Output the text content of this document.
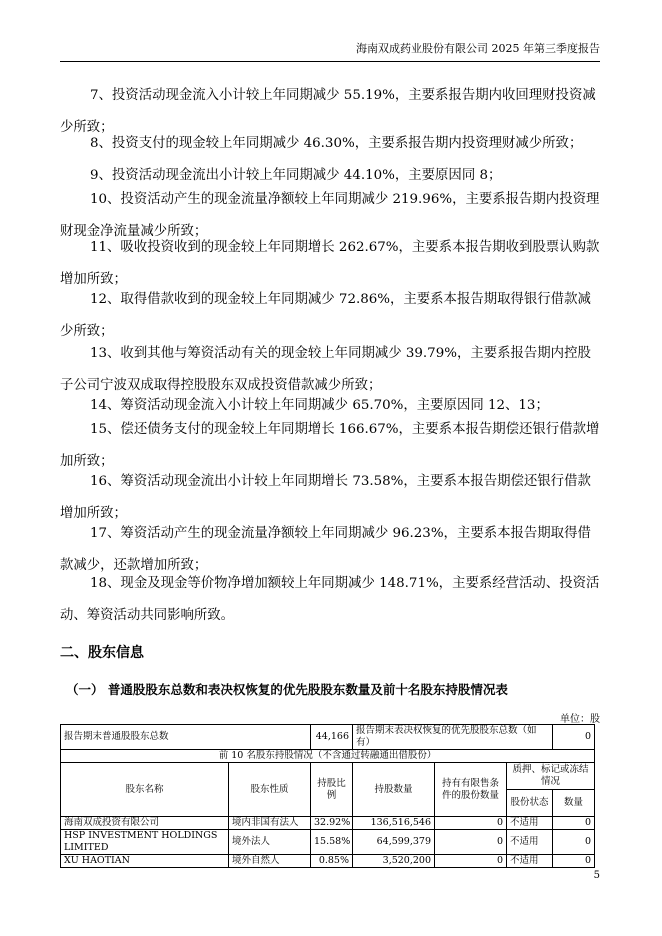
海南双成药业股份有限公司 2025 年第三季度报告

7、投资活动现金流入小计较上年同期减少 55.19%，主要系报告期内收回理财投资减少所致；

8、投资支付的现金较上年同期减少 46.30%，主要系报告期内投资理财减少所致；

9、投资活动现金流出小计较上年同期减少 44.10%，主要原因同 8；

10、投资活动产生的现金流量净额较上年同期减少 219.96%，主要系报告期内投资理财现金净流量减少所致；

11、吸收投资收到的现金较上年同期增长 262.67%，主要系本报告期收到股票认购款增加所致；

12、取得借款收到的现金较上年同期减少 72.86%，主要系本报告期取得银行借款减少所致；

13、收到其他与筹资活动有关的现金较上年同期减少 39.79%，主要系报告期内控股子公司宁波双成取得控股股东双成投资借款减少所致；

14、筹资活动现金流入小计较上年同期减少 65.70%，主要原因同 12、13；

15、偿还债务支付的现金较上年同期增长 166.67%，主要系本报告期偿还银行借款增加所致；

16、筹资活动现金流出小计较上年同期增长 73.58%，主要系本报告期偿还银行借款增加所致；

17、筹资活动产生的现金流量净额较上年同期减少 96.23%，主要系本报告期取得借款减少，还款增加所致；

18、现金及现金等价物净增加额较上年同期减少 148.71%，主要系经营活动、投资活动、筹资活动共同影响所致。

二、股东信息
（一） 普通股股东总数和表决权恢复的优先股股东数量及前十名股东持股情况表
单位：股
报告期末普通股股东总数		44,166	报告期末表决权恢复的优先股股东总数（如有）			0
前 10 名股东持股情况（不含通过转融通出借股份）						
股东名称	股东性质	持股比例	持股数量	持有有限售条件的股份数量	质押、标记或冻结情况	
					股份状态	数量
海南双成投资有限公司	境内非国有法人	32.92%	136,516,546	0	不适用	0
HSP INVESTMENT HOLDINGS LIMITED	境外法人	15.58%	64,599,379	0	不适用	0
XU HAOTIAN	境外自然人	0.85%	3,520,200	0	不适用	0
5
